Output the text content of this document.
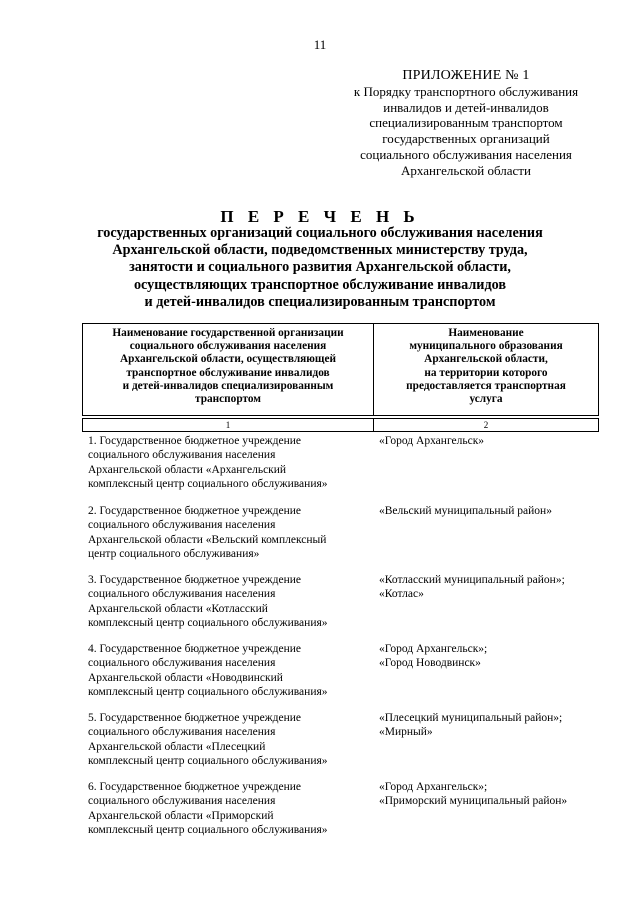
11
ПРИЛОЖЕНИЕ № 1
к Порядку транспортного обслуживания
инвалидов и детей-инвалидов
специализированным транспортом
государственных организаций
социального обслуживания населения
Архангельской области
П Е Р Е Ч Е Н Ь
государственных организаций социального обслуживания населения
Архангельской области, подведомственных министерству труда,
занятости и социального развития Архангельской области,
осуществляющих транспортное обслуживание инвалидов
и детей-инвалидов специализированным транспортом
Наименование государственной организации
социального обслуживания населения
Архангельской области, осуществляющей
транспортное обслуживание инвалидов
и детей-инвалидов специализированным
транспортом
Наименование
муниципального образования
Архангельской области,
на территории которого
предоставляется транспортная
услуга
1	2
1. Государственное бюджетное учреждение
социального обслуживания населения
Архангельской области «Архангельский
комплексный центр социального обслуживания»
«Город Архангельск»
2. Государственное бюджетное учреждение
социального обслуживания населения
Архангельской области «Вельский комплексный
центр социального обслуживания»
«Вельский муниципальный район»
3. Государственное бюджетное учреждение
социального обслуживания населения
Архангельской области «Котласский
комплексный центр социального обслуживания»
«Котласский муниципальный район»;
«Котлас»
4. Государственное бюджетное учреждение
социального обслуживания населения
Архангельской области «Новодвинский
комплексный центр социального обслуживания»
«Город Архангельск»;
«Город Новодвинск»
5. Государственное бюджетное учреждение
социального обслуживания населения
Архангельской области «Плесецкий
комплексный центр социального обслуживания»
«Плесецкий муниципальный район»;
«Мирный»
6. Государственное бюджетное учреждение
социального обслуживания населения
Архангельской области «Приморский
комплексный центр социального обслуживания»
«Город Архангельск»;
«Приморский муниципальный район»
